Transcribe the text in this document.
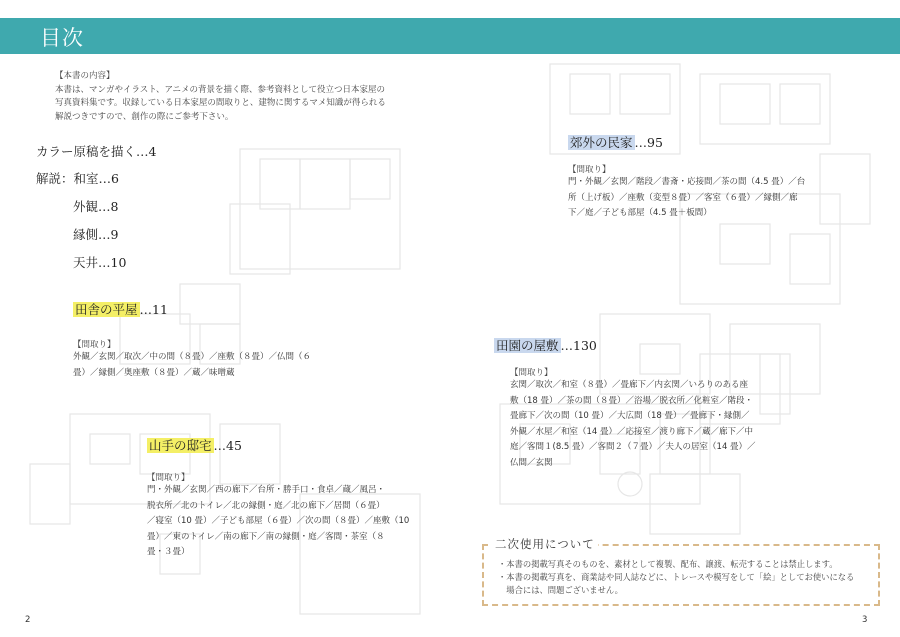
目次
【本書の内容】
本書は、マンガやイラスト、アニメの背景を描く際、参考資料として役立つ日本家屋の
写真資料集です。収録している日本家屋の間取りと、建物に関するマメ知識が得られる
解説つきですので、創作の際にご参考下さい。
カラー原稿を描く…4
解説：和室…6
外観…8
縁側…9
天井…10
田舎の平屋 …11
【間取り】
外観／玄関／取次／中の間（８畳）／座敷（８畳）／仏間（６
畳）／縁側／奥座敷（８畳）／蔵／味噌蔵
山手の邸宅 …45
【間取り】
門・外観／玄関／西の廊下／台所・勝手口・食卓／蔵／風呂・
脱衣所／北のトイレ／北の縁側・庭／北の廊下／居間（６畳）
／寝室（10 畳）／子ども部屋（６畳）／次の間（８畳）／座敷（10
畳）／東のトイレ／南の廊下／南の縁側・庭／客間・茶室（８
畳・３畳）
郊外の民家 …95
【間取り】
門・外観／玄関／階段／書斎・応接間／茶の間（4.5 畳）／台
所（上げ板）／座敷（変型８畳）／客室（６畳）／縁側／廊
下／庭／子ども部屋（4.5 畳＋板間）
田園の屋敷 …130
【間取り】
玄関／取次／和室（８畳）／畳廊下／内玄関／いろりのある座
敷（18 畳）／茶の間（８畳）／浴場／脱衣所／化粧室／階段・
畳廊下／次の間（10 畳）／大広間（18 畳）／畳廊下・縁側／
外観／水屋／和室（14 畳）／応接室／渡り廊下／蔵／廊下／中
庭／客間１(8.5 畳）／客間２（７畳）／夫人の居室（14 畳）／
仏間／玄関
二次使用について
・本書の掲載写真そのものを、素材として複製、配布、譲渡、転売することは禁止します。
・本書の掲載写真を、商業誌や同人誌などに、トレースや模写をして「絵」としてお使いになる
　場合には、問題ございません。
2	3
